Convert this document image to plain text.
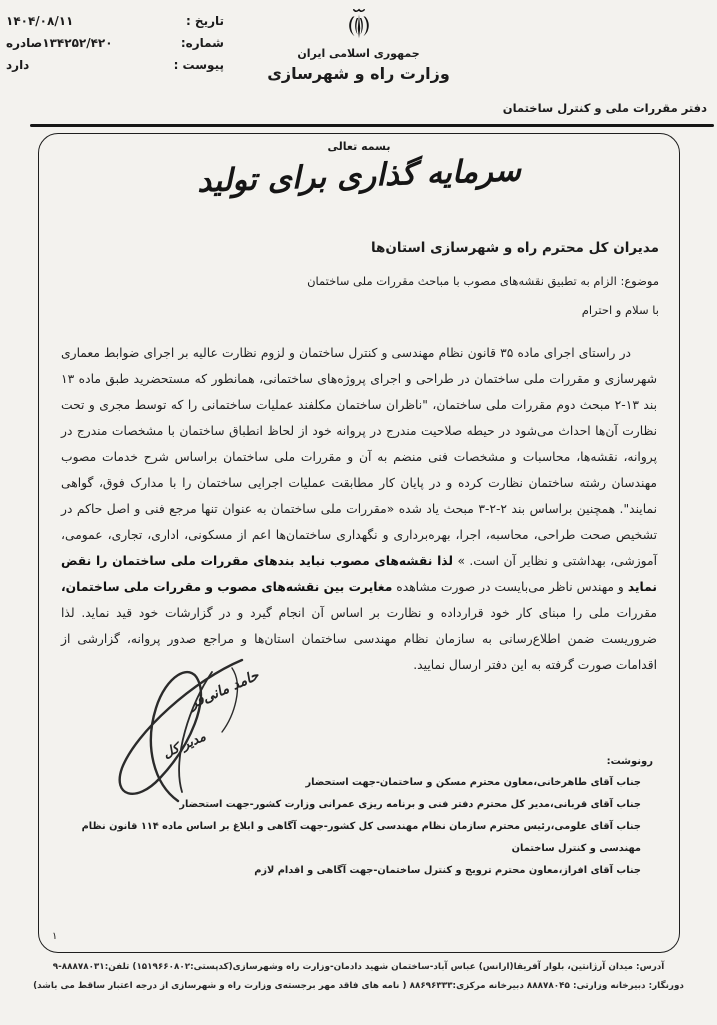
تاریخ :
۱۴۰۴/۰۸/۱۱
شماره:
۱۳۴۲۵۲/۴۲۰صادره
پیوست :
دارد
جمهوری اسلامی ایران
وزارت راه و شهرسازی
دفتر مقررات ملی و کنترل ساختمان
بسمه تعالی
سرمایه گذاری برای تولید
مدیران کل محترم راه و شهرسازی استان‌ها
موضوع: الزام به تطبیق نقشه‌های مصوب با مباحث مقررات ملی ساختمان
با سلام و احترام

در راستای اجرای ماده ۳۵ قانون نظام مهندسی و کنترل ساختمان و لزوم نظارت عالیه بر اجرای ضوابط معماری شهرسازی و مقررات ملی ساختمان در طراحی و اجرای پروژه‌های ساختمانی، همانطور که مستحضرید طبق ماده ۱۳ بند ۱۳-۲ مبحث دوم مقررات ملی ساختمان، "ناظران ساختمان مکلفند عملیات ساختمانی را که توسط مجری و تحت نظارت آن‌ها احداث می‌شود در حیطه صلاحیت مندرج در پروانه خود از لحاظ انطباق ساختمان با مشخصات مندرج در پروانه، نقشه‌ها، محاسبات و مشخصات فنی منضم به آن و مقررات ملی ساختمان براساس شرح خدمات مصوب مهندسان رشته ساختمان نظارت کرده و در پایان کار مطابقت عملیات اجرایی ساختمان را با مدارک فوق، گواهی نمایند". همچنین براساس بند ۲-۲-۳ مبحث یاد شده «مقررات ملی ساختمان به عنوان تنها مرجع فنی و اصل حاکم در تشخیص صحت طراحی، محاسبه، اجرا، بهره‌برداری و نگهداری ساختمان‌ها اعم از مسکونی، اداری، تجاری، عمومی، آموزشی، بهداشتی و نظایر آن است. » لذا نقشه‌های مصوب نباید بندهای مقررات ملی ساختمان را نقض نماید و مهندس ناظر می‌بایست در صورت مشاهده مغایرت بین نقشه‌های مصوب و مقررات ملی ساختمان، مقررات ملی را مبنای کار خود قرارداده و نظارت بر اساس آن انجام گیرد و در گزارشات خود قید نماید. لذا ضروریست ضمن اطلاع‌رسانی به سازمان نظام مهندسی ساختمان استان‌ها و مراجع صدور پروانه، گزارشی از اقدامات صورت گرفته به این دفتر ارسال نمایید.

حامد مانی‌فر
مدیر کل	رونوشت:
جناب آقای طاهرخانی،معاون محترم مسکن و ساختمان-جهت استحضار
جناب آقای قربانی،مدیر کل محترم دفتر فنی و برنامه ریزی عمرانی وزارت کشور-جهت استحضار
جناب آقای علومی،رئیس محترم سازمان نظام مهندسی کل کشور-جهت آگاهی و ابلاغ بر اساس ماده ۱۱۴ قانون نظام مهندسی و کنترل ساختمان
جناب آقای افراز،معاون محترم ترویج و کنترل ساختمان-جهت آگاهی و اقدام لازم
۱
آدرس: میدان آرژانتین، بلوار آفریقا(ارانس) عباس آباد-ساختمان شهید دادمان-وزارت راه وشهرسازی(کدپستی:۱۵۱۹۶۶۰۸۰۲) تلفن:۸۸۸۷۸۰۳۱-۹
دورنگار: دبیرخانه وزارتی: ۸۸۸۷۸۰۴۵ دبیرخانه مرکزی:۸۸۶۹۶۳۳۳ ( نامه های فاقد مهر برجسته‌ی وزارت راه و شهرسازی از درجه اعتبار ساقط می باشد)
